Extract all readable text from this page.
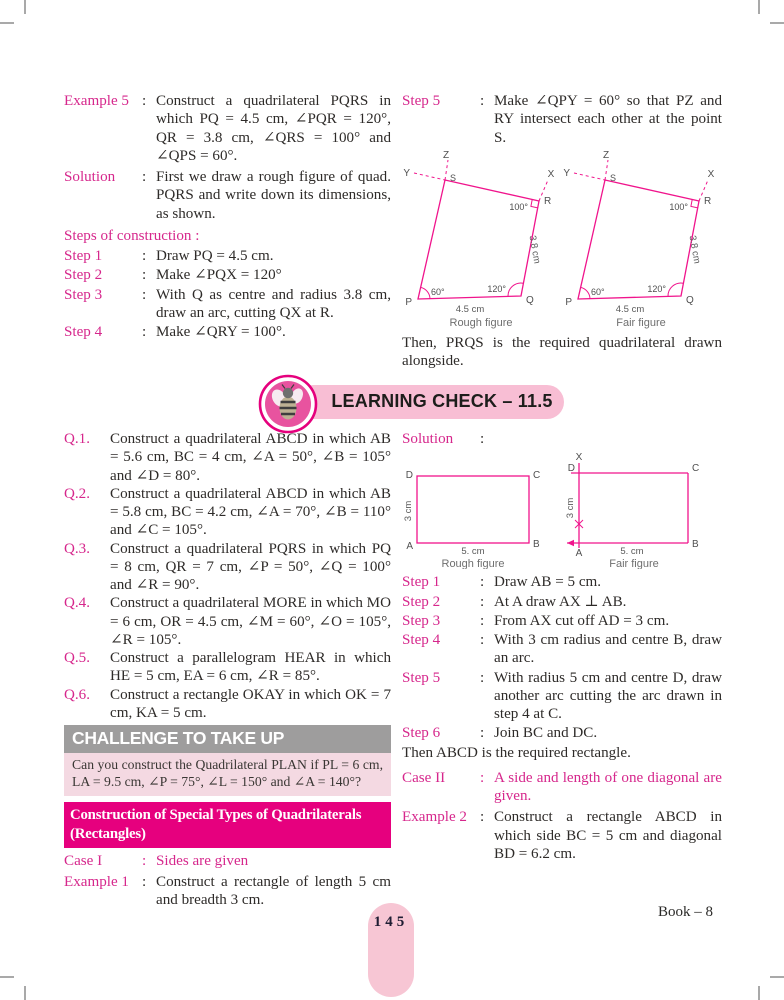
Example 5 : Construct a quadrilateral PQRS in which PQ = 4.5 cm, ∠PQR = 120°, QR = 3.8 cm, ∠QRS = 100° and ∠QPS = 60°.
Solution	: First we draw a rough figure of quad. PQRS and write down its dimensions, as shown.
Steps of construction :
Step 1	: Draw PQ = 4.5 cm.
Step 2	: Make ∠PQX = 120°
Step 3	: With Q as centre and radius 3.8 cm, draw an arc, cutting QX at R.
Step 4	: Make ∠QRY = 100°.
Step 5	: Make ∠QPY = 60° so that PZ and RY intersect each other at the point S.
Z
Y	X
S
R
P	Q
60°	120°
100°
4.5 cm
3.8 cm
Rough figure
Z
Y	X
S
R
P	Q
60°	120°
100°
4.5 cm
3.8 cm
Fair figure
Then, PRQS is the required quadrilateral drawn alongside.
LEARNING CHECK – 11.5
Q.1.	Construct a quadrilateral ABCD in which AB = 5.6 cm, BC = 4 cm, ∠A = 50°, ∠B = 105° and ∠D = 80°.
Q.2.	Construct a quadrilateral ABCD in which AB = 5.8 cm, BC = 4.2 cm, ∠A = 70°, ∠B = 110° and ∠C = 105°.
Q.3.	Construct a quadrilateral PQRS in which PQ = 8 cm, QR = 7 cm, ∠P = 50°, ∠Q = 100° and ∠R = 90°.
Q.4.	Construct a quadrilateral MORE in which MO = 6 cm, OR = 4.5 cm, ∠M = 60°, ∠O = 105°, ∠R = 105°.
Q.5.	Construct a parallelogram HEAR in which HE = 5 cm, EA = 6 cm, ∠R = 85°.
Q.6.	Construct a rectangle OKAY in which OK = 7 cm, KA = 5 cm.
CHALLENGE TO TAKE UP
Can you construct the Quadrilateral PLAN if PL = 6 cm, LA = 9.5 cm, ∠P = 75°, ∠L = 150° and ∠A = 140°?
Construction of Special Types of Quadrilaterals
(Rectangles)
Case I	: Sides are given
Example 1 : Construct a rectangle of length 5 cm and breadth 3 cm.
Solution	:
D	C
A	B
3 cm
5. cm
Rough figure
X
D	C
A
B
3 cm
5. cm
Fair figure
Step 1	: Draw AB = 5 cm.
Step 2	: At A draw AX ⊥ AB.
Step 3	: From AX cut off AD = 3 cm.
Step 4	: With 3 cm radius and centre B, draw an arc.
Step 5	: With radius 5 cm and centre D, draw another arc cutting the arc drawn in step 4 at C.
Step 6	: Join BC and DC.
Then ABCD is the required rectangle.
Case II	: A side and length of one diagonal are given.
Example 2 : Construct a rectangle ABCD in which side BC = 5 cm and diagonal BD = 6.2 cm.
145
Book – 8
